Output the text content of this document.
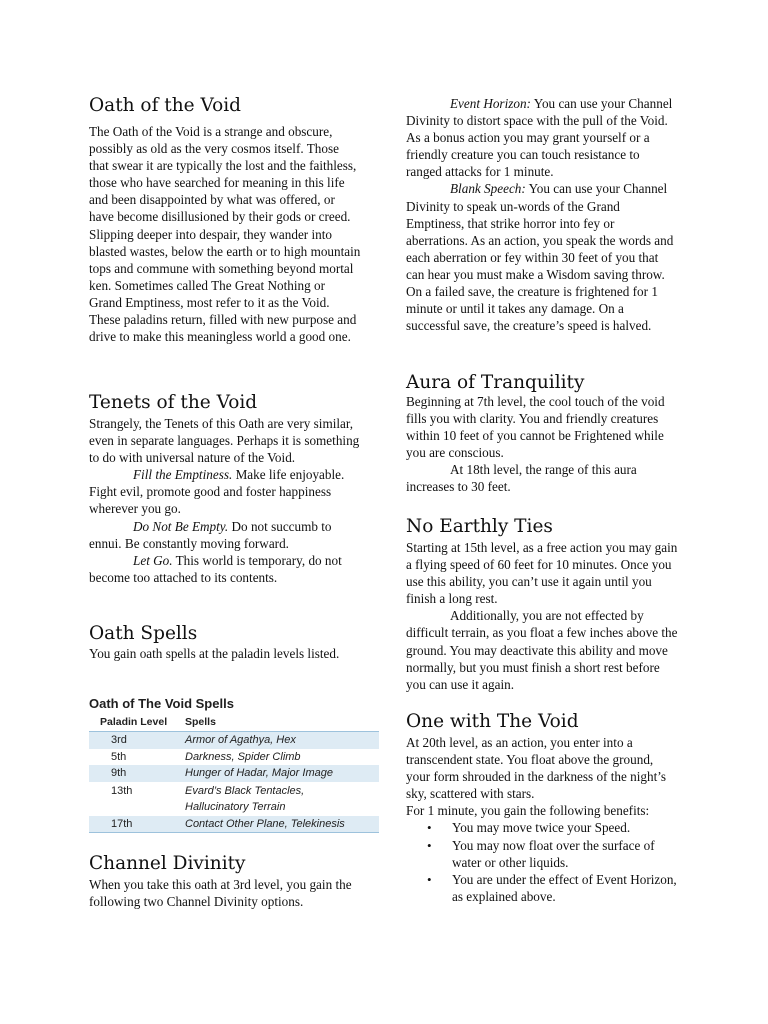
Oath of the Void

The Oath of the Void is a strange and obscure, possibly as old as the very cosmos itself. Those that swear it are typically the lost and the faithless, those who have searched for meaning in this life and been disappointed by what was offered, or have become disillusioned by their gods or creed. Slipping deeper into despair, they wander into blasted wastes, below the earth or to high mountain tops and commune with something beyond mortal ken. Sometimes called The Great Nothing or Grand Emptiness, most refer to it as the Void. These paladins return, filled with new purpose and drive to make this meaningless world a good one.

Tenets of the Void

Strangely, the Tenets of this Oath are very similar, even in separate languages. Perhaps it is something to do with universal nature of the Void.

Fill the Emptiness. Make life enjoyable. Fight evil, promote good and foster happiness wherever you go.

Do Not Be Empty. Do not succumb to ennui. Be constantly moving forward.

Let Go. This world is temporary, do not become too attached to its contents.

Oath Spells

You gain oath spells at the paladin levels listed.

Oath of The Void Spells

Paladin Level	Spells
3rd	Armor of Agathya, Hex
5th	Darkness, Spider Climb
9th	Hunger of Hadar, Major Image
13th	Evard’s Black Tentacles, Hallucinatory Terrain
17th	Contact Other Plane, Telekinesis
Channel Divinity

When you take this oath at 3rd level, you gain the following two Channel Divinity options.

Event Horizon: You can use your Channel Divinity to distort space with the pull of the Void. As a bonus action you may grant yourself or a friendly creature you can touch resistance to ranged attacks for 1 minute.

Blank Speech: You can use your Channel Divinity to speak un-words of the Grand Emptiness, that strike horror into fey or aberrations. As an action, you speak the words and each aberration or fey within 30 feet of you that can hear you must make a Wisdom saving throw. On a failed save, the creature is frightened for 1 minute or until it takes any damage. On a successful save, the creature’s speed is halved.

Aura of Tranquility

Beginning at 7th level, the cool touch of the void fills you with clarity. You and friendly creatures within 10 feet of you cannot be Frightened while you are conscious.

At 18th level, the range of this aura increases to 30 feet.

No Earthly Ties

Starting at 15th level, as a free action you may gain a flying speed of 60 feet for 10 minutes. Once you use this ability, you can’t use it again until you finish a long rest.

Additionally, you are not effected by difficult terrain, as you float a few inches above the ground. You may deactivate this ability and move normally, but you must finish a short rest before you can use it again.

One with The Void

At 20th level, as an action, you enter into a transcendent state. You float above the ground, your form shrouded in the darkness of the night’s sky, scattered with stars.

For 1 minute, you gain the following benefits:

• You may move twice your Speed.
• You may now float over the surface of water or other liquids.
• You are under the effect of Event Horizon, as explained above.
